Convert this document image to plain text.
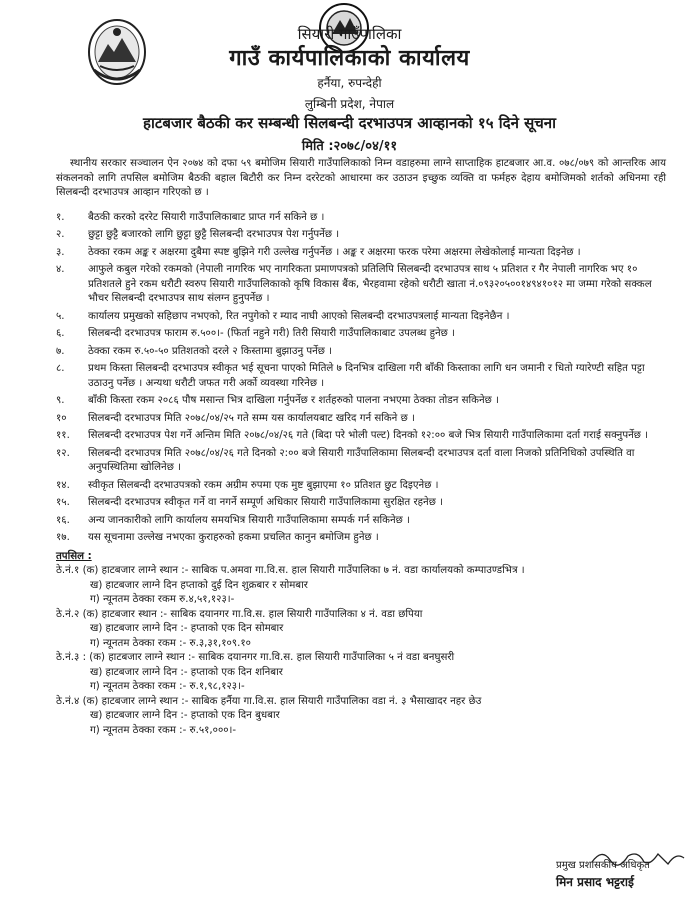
सियारी गाउँपालिका
गाउँ कार्यपालिकाको कार्यालय
हर्नैया, रुपन्देही
लुम्बिनी प्रदेश, नेपाल
हाटबजार बैठकी कर सम्बन्धी सिलबन्दी दरभाउपत्र आव्हानको १५ दिने सूचना
मिति :२०७८/०४/११

स्थानीय सरकार सञ्चालन ऐन २०७४ को दफा ५९ बमोजिम सियारी गाउँपालिकाको निम्न वडाहरुमा लाग्ने साप्ताहिक हाटबजार आ.व. ०७८/०७९ को आन्तरिक आय संकलनको लागि तपसिल बमोजिम बैठकी बहाल बिटौरी कर निम्न दररेटको आधारमा कर उठाउन इच्छुक व्यक्ति वा फर्महरु देहाय बमोजिमको शर्तको अधिनमा रही सिलबन्दी दरभाउपत्र आव्हान गरिएको छ ।

१.	बैठकी करको दररेट सियारी गाउँपालिकाबाट प्राप्त गर्न सकिने छ ।
२.	छुट्टा छुट्टै बजारको लागि छुट्टा छुट्टै सिलबन्दी दरभाउपत्र पेश गर्नुपर्नेछ ।
३.	ठेक्का रकम अङ्क र अक्षरमा दुबैमा स्पष्ट बुझिने गरी उल्लेख गर्नुपर्नेछ । अङ्क र अक्षरमा फरक परेमा अक्षरमा लेखेकोलाई मान्यता दिइनेछ ।
४.	आफुले कबुल गरेको रकमको (नेपाली नागरिक भए नागरिकता प्रमाणपत्रको प्रतिलिपि सिलबन्दी दरभाउपत्र साथ ५ प्रतिशत र गैर नेपाली नागरिक भए १० प्रतिशतले हुने रकम धरौटी स्वरुप सियारी गाउँपालिकाको कृषि विकास बैंक, भैरहवामा रहेको धरौटी खाता नं.०९३२०५००१४९४१०१२ मा जम्मा गरेको सक्कल भौचर सिलबन्दी दरभाउपत्र साथ संलग्न हुनुपर्नेछ ।
५.	कार्यालय प्रमुखको सहिछाप नभएको, रित नपुगेको र म्याद नाघी आएको सिलबन्दी दरभाउपत्रलाई मान्यता दिइनेछैन ।
६.	सिलबन्दी दरभाउपत्र फाराम रु.५००।- (फिर्ता नहुने गरी) तिरी सियारी गाउँपालिकाबाट उपलब्ध हुनेछ ।
७.	ठेक्का रकम रु.५०-५० प्रतिशतको दरले २ किस्तामा बुझाउनु पर्नेछ ।
८.	प्रथम किस्ता सिलबन्दी दरभाउपत्र स्वीकृत भई सूचना पाएको मितिले ७ दिनभित्र दाखिला गरी बाँकी किस्ताका लागि धन जमानी र धितो ग्यारेण्टी सहित पट्टा उठाउनु पर्नेछ । अन्यथा धरौटी जफत गरी अर्को व्यवस्था गरिनेछ ।
९.	बाँकी किस्ता रकम २०८६ पौष मसान्त भित्र दाखिला गर्नुपर्नेछ र शर्तहरुको पालना नभएमा ठेक्का तोडन सकिनेछ ।
१०	सिलबन्दी दरभाउपत्र मिति २०७८/०४/२५ गते सम्म यस कार्यालयबाट खरिद गर्न सकिने छ ।
११.	सिलबन्दी दरभाउपत्र पेश गर्ने अन्तिम मिति २०७८/०४/२६ गते (बिदा परे भोली पल्ट) दिनको १२:०० बजे भित्र सियारी गाउँपालिकामा दर्ता गराई सक्नुपर्नेछ ।
१२.	सिलबन्दी दरभाउपत्र मिति २०७८/०४/२६ गते दिनको २:०० बजे सियारी गाउँपालिकामा सिलबन्दी दरभाउपत्र दर्ता वाला निजको प्रतिनिधिको उपस्थिति वा अनुपस्थितिमा खोलिनेछ ।
१४.	स्वीकृत सिलबन्दी दरभाउपत्रको रकम अग्रीम रुपमा एक मुष्ट बुझाएमा १० प्रतिशत छुट दिइएनेछ ।
१५.	सिलबन्दी दरभाउपत्र स्वीकृत गर्ने वा नगर्ने सम्पूर्ण अधिकार सियारी गाउँपालिकामा सुरक्षित रहनेछ ।
१६.	अन्य जानकारीको लागि कार्यालय समयभित्र सियारी गाउँपालिकामा सम्पर्क गर्न सकिनेछ ।
१७.	यस सूचनामा उल्लेख नभएका कुराहरुको हकमा प्रचलित कानुन बमोजिम हुनेछ ।
तपसिल :
ठे.नं.१ (क) हाटबजार लाग्ने स्थान :- साबिक प.अमवा गा.वि.स. हाल सियारी गाउँपालिका ७ नं. वडा कार्यालयको कम्पाउण्डभित्र ।
ख) हाटबजार लाग्ने दिन हप्ताको दुई दिन शुक्रबार र सोमबार
ग) न्यूनतम ठेक्का रकम रु.४,५१,१२३।-
ठे.नं.२ (क) हाटबजार स्थान :- साबिक दयानगर गा.वि.स. हाल सियारी गाउँपालिका ४ नं. वडा छपिया
ख) हाटबजार लाग्ने दिन :- हप्ताको एक दिन सोमबार
ग) न्यूनतम ठेक्का रकम :- रु.३,३१,१०९.१०
ठे.नं.३ : (क) हाटबजार लाग्ने स्थान :- साबिक दयानगर गा.वि.स. हाल सियारी गाउँपालिका ५ नं वडा बनघुसरी
ख) हाटबजार लाग्ने दिन :- हप्ताको एक दिन शनिबार
ग) न्यूनतम ठेक्का रकम :- रु.१,९८,१२३।-
ठे.नं.४ (क) हाटबजार लाग्ने स्थान :- साबिक हर्नैया गा.वि.स. हाल सियारी गाउँपालिका वडा नं. ३ भैसाखादर नहर छेउ
ख) हाटबजार लाग्ने दिन :- हप्ताको एक दिन बुधबार
ग) न्यूनतम ठेक्का रकम :- रु.५१,०००।-
प्रमुख प्रशासकीय अधिकृत
मिन प्रसाद भट्टराई
